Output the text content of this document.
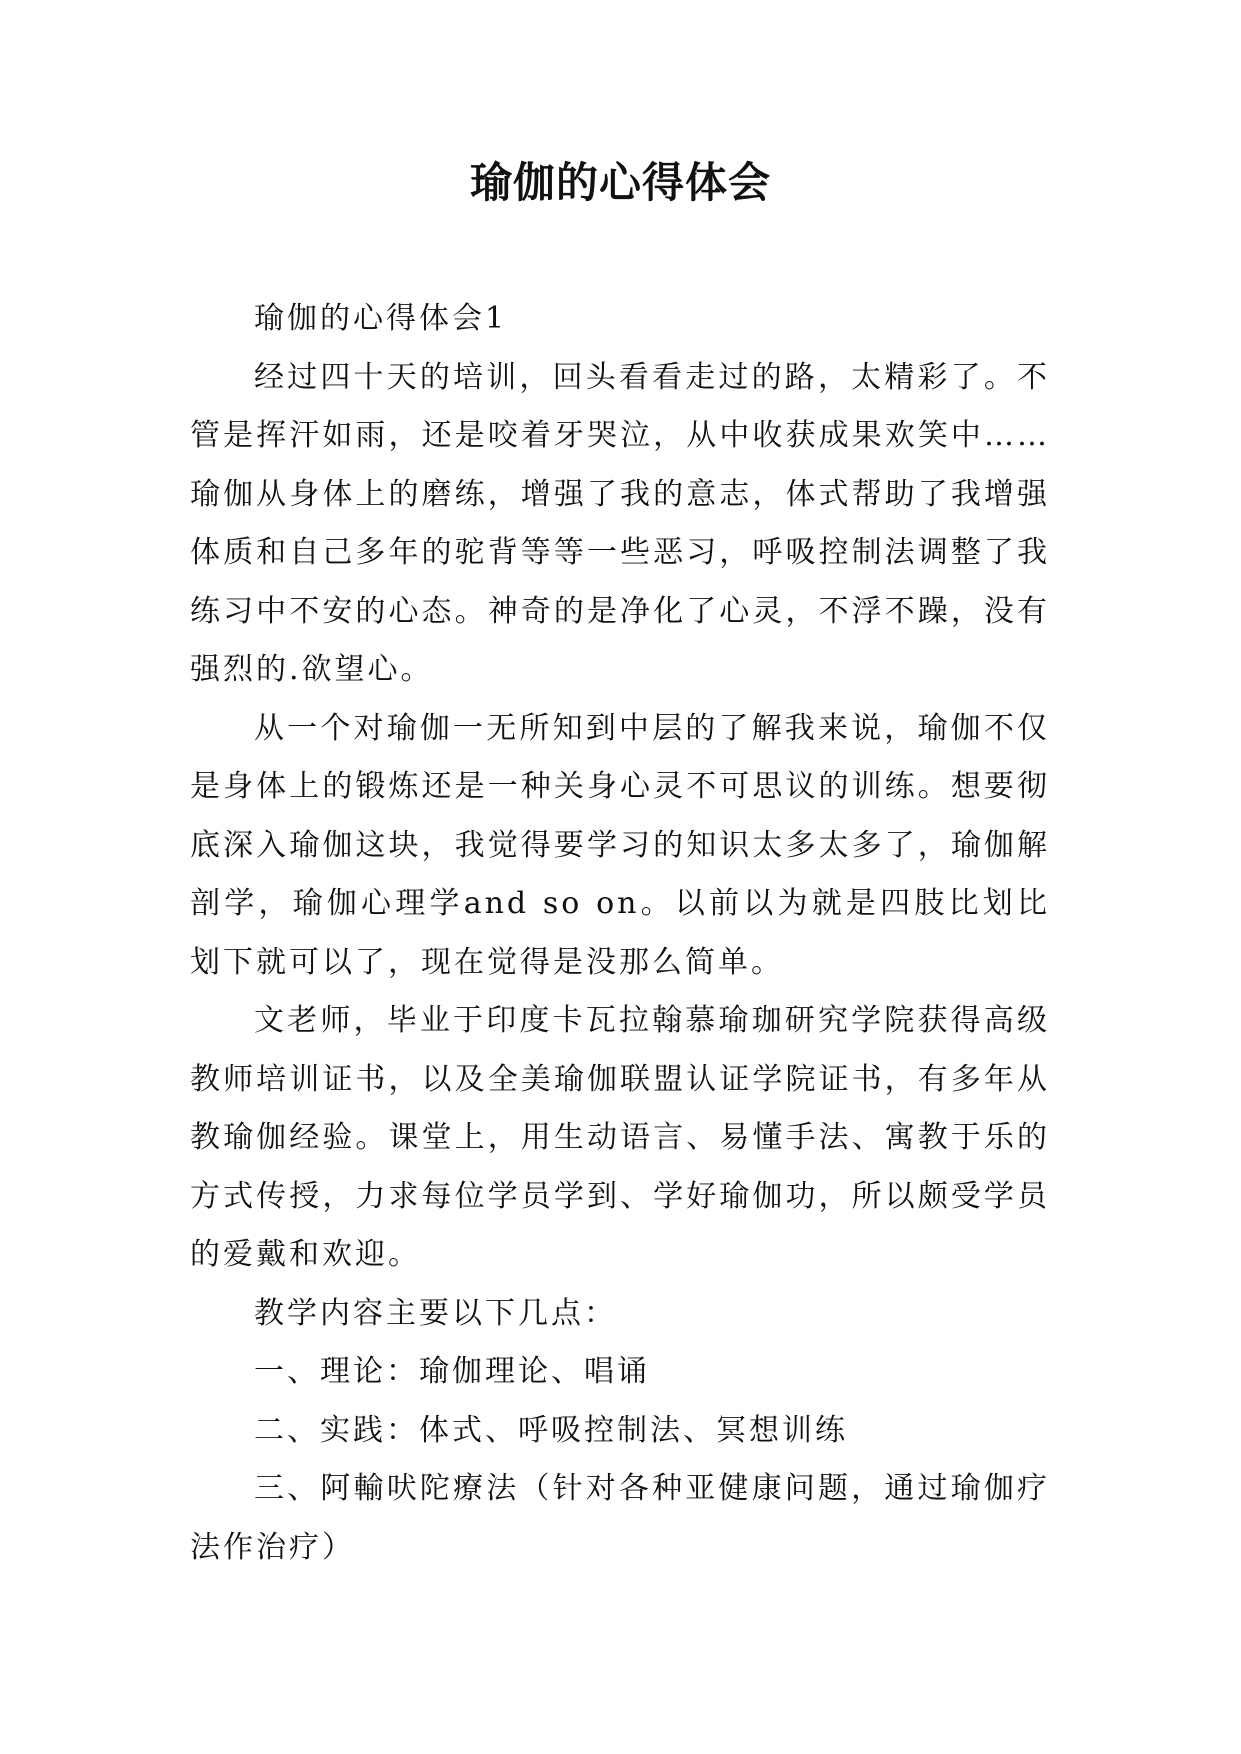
瑜伽的心得体会

瑜伽的心得体会1

经过四十天的培训，回头看看走过的路，太精彩了。不管是挥汗如雨，还是咬着牙哭泣，从中收获成果欢笑中……瑜伽从身体上的磨练，增强了我的意志，体式帮助了我增强体质和自己多年的驼背等等一些恶习，呼吸控制法调整了我练习中不安的心态。神奇的是净化了心灵，不浮不躁，没有强烈的.欲望心。

从一个对瑜伽一无所知到中层的了解我来说，瑜伽不仅是身体上的锻炼还是一种关身心灵不可思议的训练。想要彻底深入瑜伽这块，我觉得要学习的知识太多太多了，瑜伽解剖学，瑜伽心理学and so on。以前以为就是四肢比划比划下就可以了，现在觉得是没那么简单。

文老师，毕业于印度卡瓦拉翰慕瑜珈研究学院获得高级教师培训证书，以及全美瑜伽联盟认证学院证书，有多年从教瑜伽经验。课堂上，用生动语言、易懂手法、寓教于乐的方式传授，力求每位学员学到、学好瑜伽功，所以颇受学员的爱戴和欢迎。

教学内容主要以下几点：

一、理论：瑜伽理论、唱诵

二、实践：体式、呼吸控制法、冥想训练

三、阿輸吠陀療法（针对各种亚健康问题，通过瑜伽疗法作治疗）
